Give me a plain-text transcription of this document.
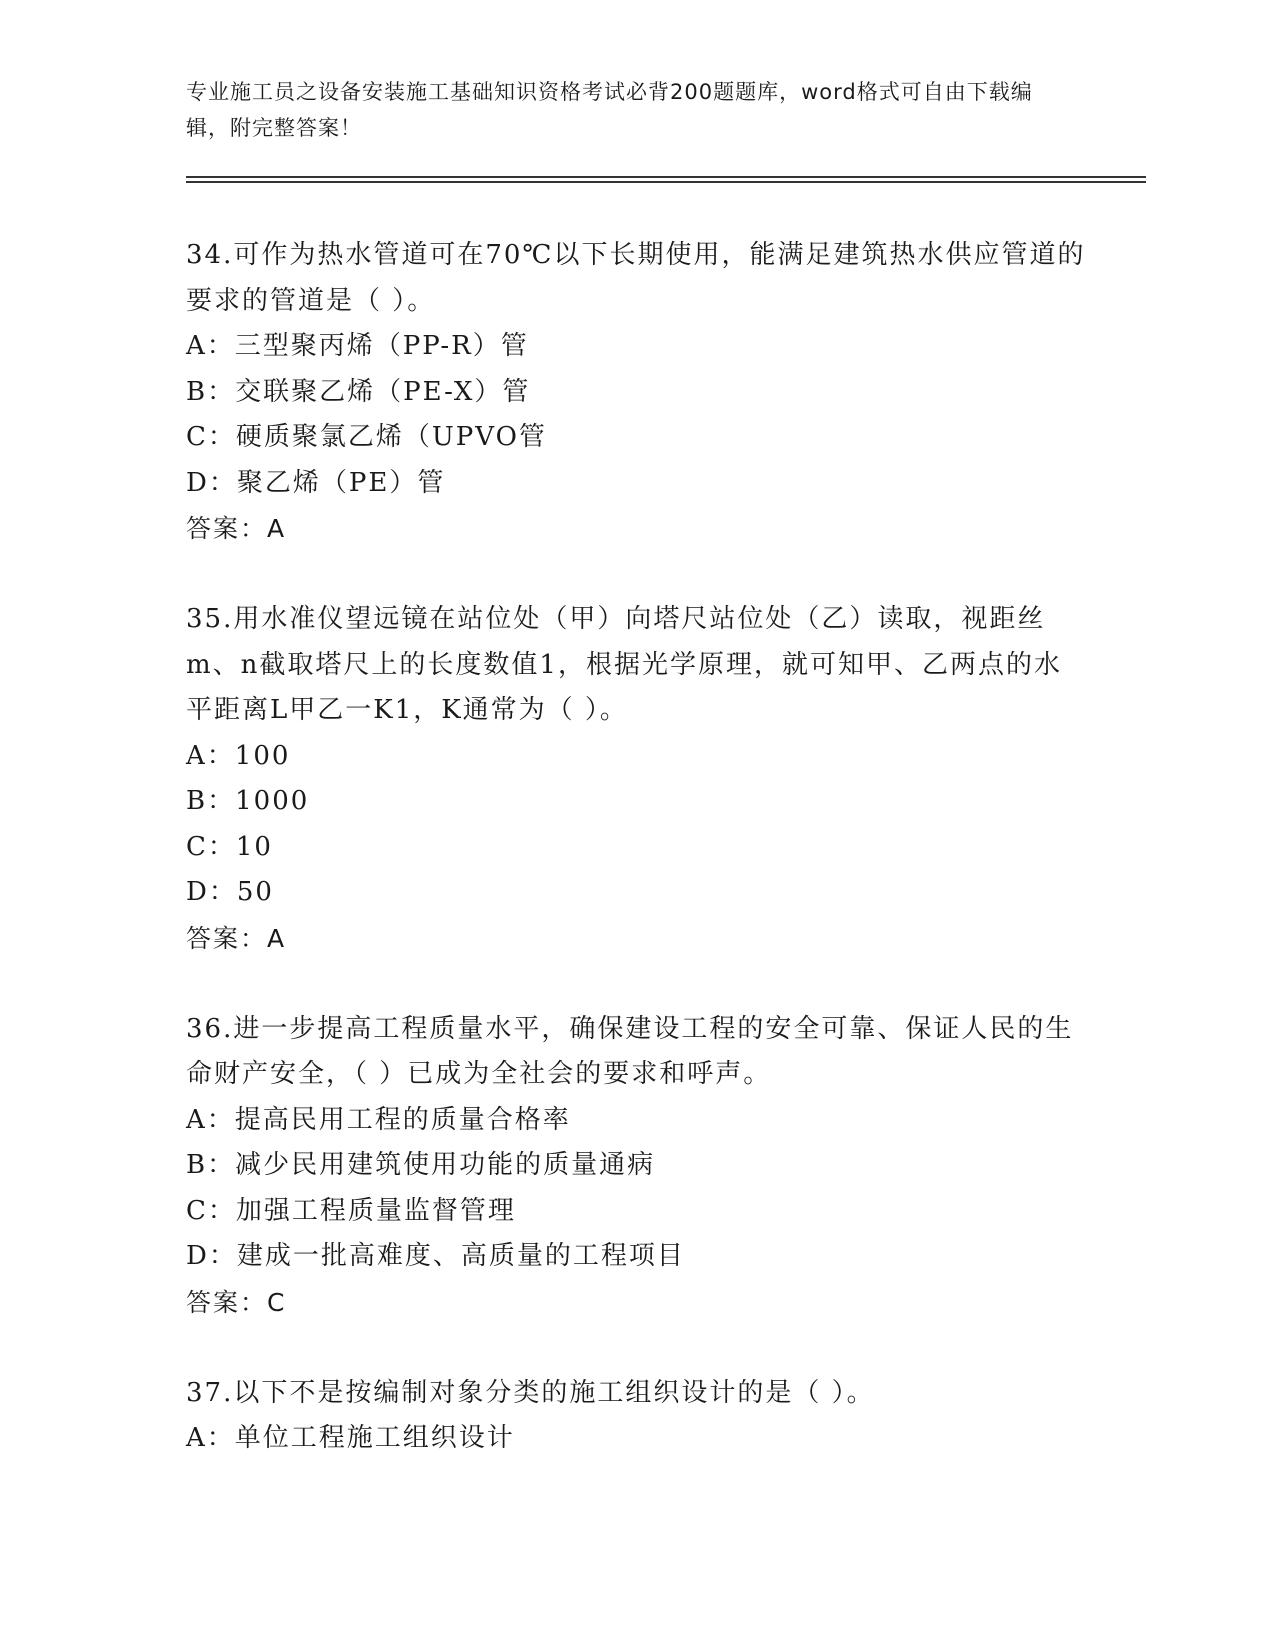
专业施工员之设备安装施工基础知识资格考试必背200题题库，word格式可自由下载编辑，附完整答案！

34.可作为热水管道可在70℃以下长期使用，能满足建筑热水供应管道的要求的管道是（ ）。

A：三型聚丙烯（PP-R）管

B：交联聚乙烯（PE-X）管

C：硬质聚氯乙烯（UPVO管

D：聚乙烯（PE）管

答案：A

35.用水准仪望远镜在站位处（甲）向塔尺站位处（乙）读取，视距丝m、n截取塔尺上的长度数值1，根据光学原理，就可知甲、乙两点的水平距离L甲乙一K1，K通常为（ ）。

A：100

B：1000

C：10

D：50

答案：A

36.进一步提高工程质量水平，确保建设工程的安全可靠、保证人民的生命财产安全，（ ）已成为全社会的要求和呼声。

A：提高民用工程的质量合格率

B：减少民用建筑使用功能的质量通病

C：加强工程质量监督管理

D：建成一批高难度、高质量的工程项目

答案：C

37.以下不是按编制对象分类的施工组织设计的是（ ）。

A：单位工程施工组织设计
